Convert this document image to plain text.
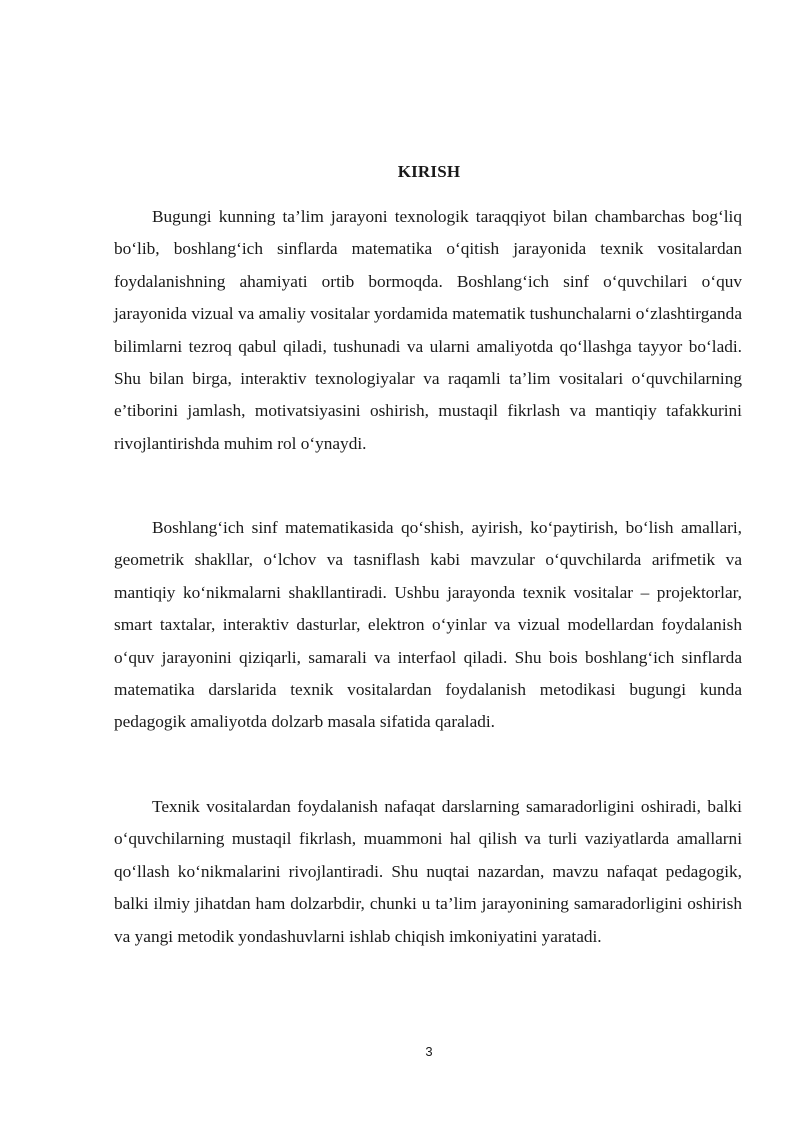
KIRISH

Bugungi kunning ta’lim jarayoni texnologik taraqqiyot bilan chambarchas bog‘liq bo‘lib, boshlang‘ich sinflarda matematika o‘qitish jarayonida texnik vositalardan foydalanishning ahamiyati ortib bormoqda. Boshlang‘ich sinf o‘quvchilari o‘quv jarayonida vizual va amaliy vositalar yordamida matematik tushunchalarni o‘zlashtirganda bilimlarni tezroq qabul qiladi, tushunadi va ularni amaliyotda qo‘llashga tayyor bo‘ladi. Shu bilan birga, interaktiv texnologiyalar va raqamli ta’lim vositalari o‘quvchilarning e’tiborini jamlash, motivatsiyasini oshirish, mustaqil fikrlash va mantiqiy tafakkurini rivojlantirishda muhim rol o‘ynaydi.

Boshlang‘ich sinf matematikasida qo‘shish, ayirish, ko‘paytirish, bo‘lish amallari, geometrik shakllar, o‘lchov va tasniflash kabi mavzular o‘quvchilarda arifmetik va mantiqiy ko‘nikmalarni shakllantiradi. Ushbu jarayonda texnik vositalar – projektorlar, smart taxtalar, interaktiv dasturlar, elektron o‘yinlar va vizual modellardan foydalanish o‘quv jarayonini qiziqarli, samarali va interfaol qiladi. Shu bois boshlang‘ich sinflarda matematika darslarida texnik vositalardan foydalanish metodikasi bugungi kunda pedagogik amaliyotda dolzarb masala sifatida qaraladi.

Texnik vositalardan foydalanish nafaqat darslarning samaradorligini oshiradi, balki o‘quvchilarning mustaqil fikrlash, muammoni hal qilish va turli vaziyatlarda amallarni qo‘llash ko‘nikmalarini rivojlantiradi. Shu nuqtai nazardan, mavzu nafaqat pedagogik, balki ilmiy jihatdan ham dolzarbdir, chunki u ta’lim jarayonining samaradorligini oshirish va yangi metodik yondashuvlarni ishlab chiqish imkoniyatini yaratadi.

3
